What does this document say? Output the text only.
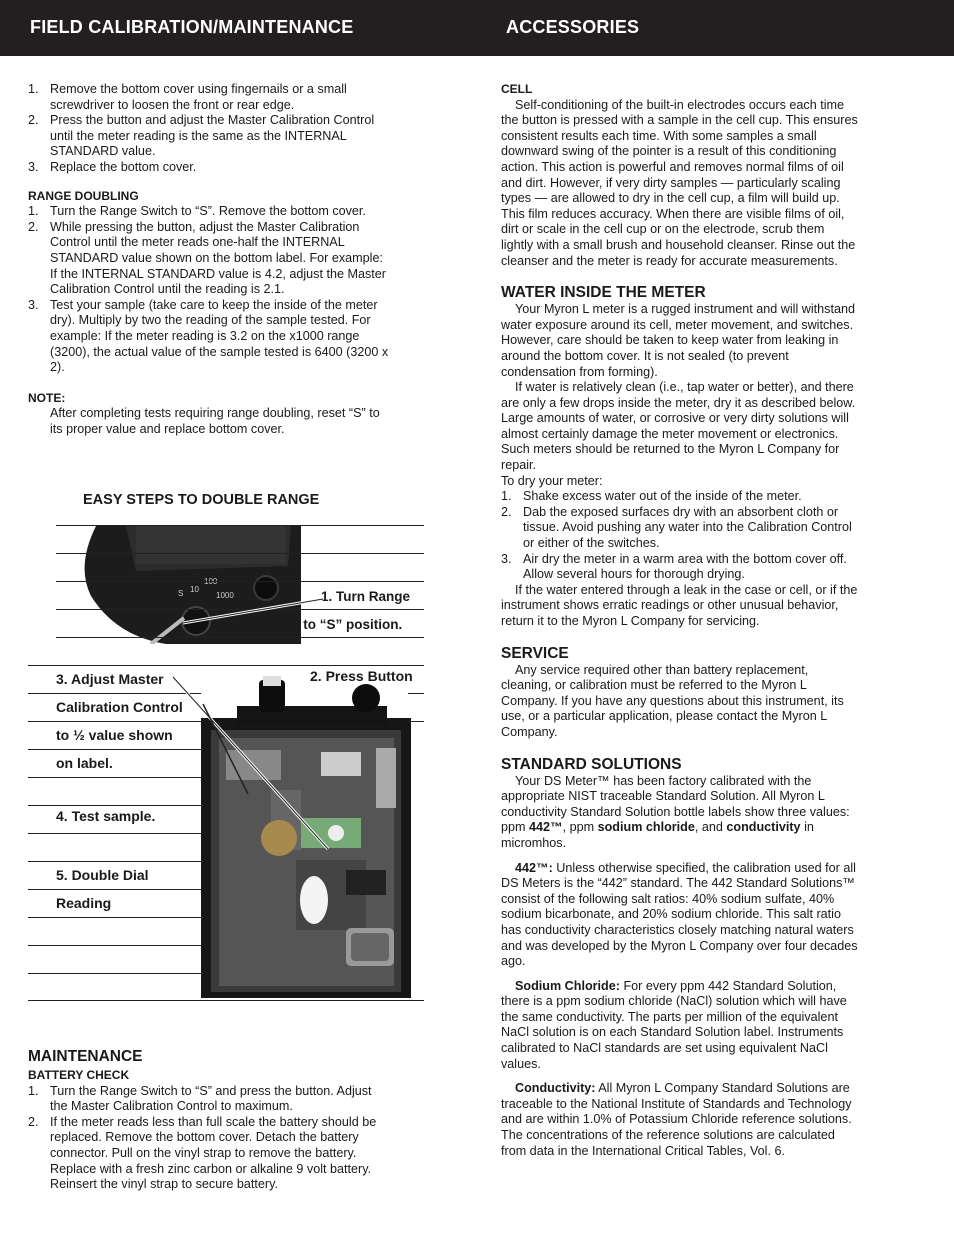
FIELD CALIBRATION/MAINTENANCE	ACCESSORIES
1. Remove the bottom cover using fingernails or a small screwdriver to loosen the front or rear edge.
2. Press the button and adjust the Master Calibration Control until the meter reading is the same as the INTERNAL STANDARD value.
3. Replace the bottom cover.
RANGE DOUBLING
1. Turn the Range Switch to “S”. Remove the bottom cover.
2. While pressing the button, adjust the Master Calibration Control until the meter reads one-half the INTERNAL STANDARD value shown on the bottom label. For example: If the INTERNAL STANDARD value is 4.2, adjust the Master Calibration Control until the reading is 2.1.
3. Test your sample (take care to keep the inside of the meter dry). Multiply by two the reading of the sample tested. For example: If the meter reading is 3.2 on the x1000 range (3200), the actual value of the sample tested is 6400 (3200 x 2).
NOTE:

After completing tests requiring range doubling, reset “S” to its proper value and replace bottom cover.

EASY STEPS TO DOUBLE RANGE
S 10
1000	1. Turn Range
Switch to “S” position.
2. Press Button
3. Adjust Master
Calibration Control
to ½ value shown
on label.
4. Test sample.
5. Double Dial
Reading
MAINTENANCE
BATTERY CHECK
1. Turn the Range Switch to “S” and press the button. Adjust the Master Calibration Control to maximum.
2. If the meter reads less than full scale the battery should be replaced. Remove the bottom cover. Detach the battery connector. Pull on the vinyl strap to remove the battery. Replace with a fresh zinc carbon or alkaline 9 volt battery. Reinsert the vinyl strap to secure battery.
CELL

Self-conditioning of the built-in electrodes occurs each time the button is pressed with a sample in the cell cup. This ensures consistent results each time. With some samples a small downward swing of the pointer is a result of this conditioning action. This action is powerful and removes normal films of oil and dirt. However, if very dirty samples — particularly scaling types — are allowed to dry in the cell cup, a film will build up. This film reduces accuracy. When there are visible films of oil, dirt or scale in the cell cup or on the electrode, scrub them lightly with a small brush and household cleanser. Rinse out the cleanser and the meter is ready for accurate measurements.

WATER INSIDE THE METER

Your Myron L meter is a rugged instrument and will withstand water exposure around its cell, meter movement, and switches. However, care should be taken to keep water from leaking in around the bottom cover. It is not sealed (to prevent condensation from forming).

If water is relatively clean (i.e., tap water or better), and there are only a few drops inside the meter, dry it as described below. Large amounts of water, or corrosive or very dirty solutions will almost certainly damage the meter movement or electronics. Such meters should be returned to the Myron L Company for repair.

To dry your meter:

1. Shake excess water out of the inside of the meter.
2. Dab the exposed surfaces dry with an absorbent cloth or tissue. Avoid pushing any water into the Calibration Control or either of the switches.
3. Air dry the meter in a warm area with the bottom cover off. Allow several hours for thorough drying.

If the water entered through a leak in the case or cell, or if the instrument shows erratic readings or other unusual behavior, return it to the Myron L Company for servicing.

SERVICE

Any service required other than battery replacement, cleaning, or calibration must be referred to the Myron L Company. If you have any questions about this instrument, its use, or a particular application, please contact the Myron L Company.

STANDARD SOLUTIONS

Your DS Meter™ has been factory calibrated with the appropriate NIST traceable Standard Solution. All Myron L conductivity Standard Solution bottle labels show three values: ppm 442™, ppm sodium chloride, and conductivity in micromhos.

442™: Unless otherwise specified, the calibration used for all DS Meters is the “442” standard. The 442 Standard Solutions™ consist of the following salt ratios: 40% sodium sulfate, 40% sodium bicarbonate, and 20% sodium chloride. This salt ratio has conductivity characteristics closely matching natural waters and was developed by the Myron L Company over four decades ago.

Sodium Chloride: For every ppm 442 Standard Solution, there is a ppm sodium chloride (NaCl) solution which will have the same conductivity. The parts per million of the equivalent NaCl solution is on each Standard Solution label. Instruments calibrated to NaCl standards are set using equivalent NaCl values.

Conductivity: All Myron L Company Standard Solutions are traceable to the National Institute of Standards and Technology and are within 1.0% of Potassium Chloride reference solutions. The concentrations of the reference solutions are calculated from data in the International Critical Tables, Vol. 6.
